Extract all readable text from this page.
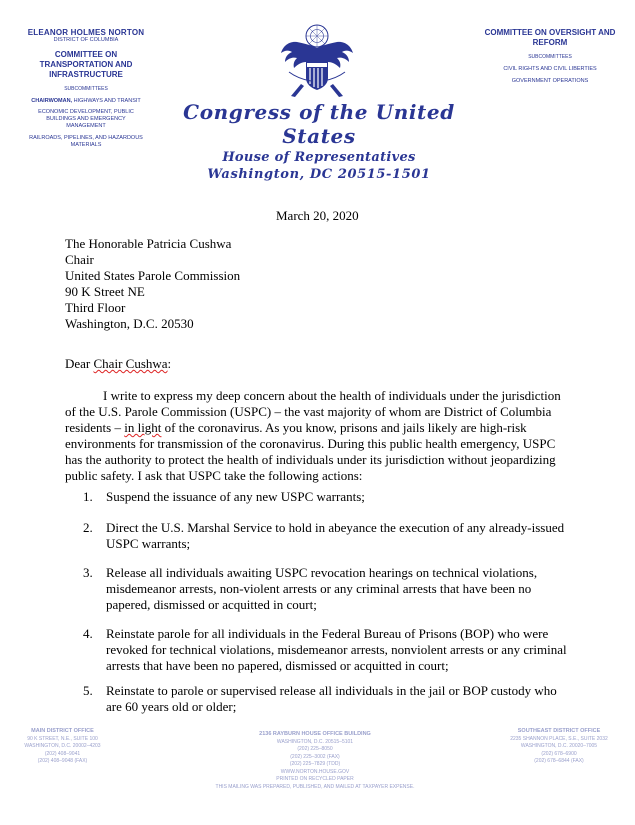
ELEANOR HOLMES NORTON
DISTRICT OF COLUMBIA
COMMITTEE ON
TRANSPORTATION AND
INFRASTRUCTURE
SUBCOMMITTEES
CHAIRWOMAN, HIGHWAYS AND TRANSIT
ECONOMIC DEVELOPMENT, PUBLIC
BUILDINGS AND EMERGENCY
MANAGEMENT
RAILROADS, PIPELINES, AND HAZARDOUS
MATERIALS
Congress of the United States
House of Representatives
Washington, DC 20515-1501
COMMITTEE ON OVERSIGHT AND
REFORM
SUBCOMMITTEES
CIVIL RIGHTS AND CIVIL LIBERTIES
GOVERNMENT OPERATIONS
March 20, 2020
The Honorable Patricia Cushwa
Chair
United States Parole Commission
90 K Street NE
Third Floor
Washington, D.C. 20530
Dear Chair Cushwa:
I write to express my deep concern about the health of individuals under the jurisdiction
of the U.S. Parole Commission (USPC) – the vast majority of whom are District of Columbia
residents – in light of the coronavirus. As you know, prisons and jails likely are high-risk
environments for transmission of the coronavirus. During this public health emergency, USPC
has the authority to protect the health of individuals under its jurisdiction without jeopardizing
public safety. I ask that USPC take the following actions:
1. Suspend the issuance of any new USPC warrants;
2. Direct the U.S. Marshal Service to hold in abeyance the execution of any already-issued
USPC warrants;
3. Release all individuals awaiting USPC revocation hearings on technical violations,
misdemeanor arrests, non-violent arrests or any criminal arrests that have been no
papered, dismissed or acquitted in court;
4. Reinstate parole for all individuals in the Federal Bureau of Prisons (BOP) who were
revoked for technical violations, misdemeanor arrests, nonviolent arrests or any criminal
arrests that have been no papered, dismissed or acquitted in court;
5. Reinstate to parole or supervised release all individuals in the jail or BOP custody who
are 60 years old or older;
MAIN DISTRICT OFFICE
90 K STREET, N.E., SUITE 100
WASHINGTON, D.C. 20002–4203
(202) 408–9041
(202) 408–9048 (FAX)
2136 RAYBURN HOUSE OFFICE BUILDING
WASHINGTON, D.C. 20515–5101
(202) 225–8050
(202) 225–3002 (FAX)
(202) 225–7829 (TDD)
WWW.NORTON.HOUSE.GOV
PRINTED ON RECYCLED PAPER
THIS MAILING WAS PREPARED, PUBLISHED, AND MAILED AT TAXPAYER EXPENSE.
SOUTHEAST DISTRICT OFFICE
2235 SHANNON PLACE, S.E., SUITE 2032
WASHINGTON, D.C. 20020–7005
(202) 678–6900
(202) 678–6844 (FAX)
